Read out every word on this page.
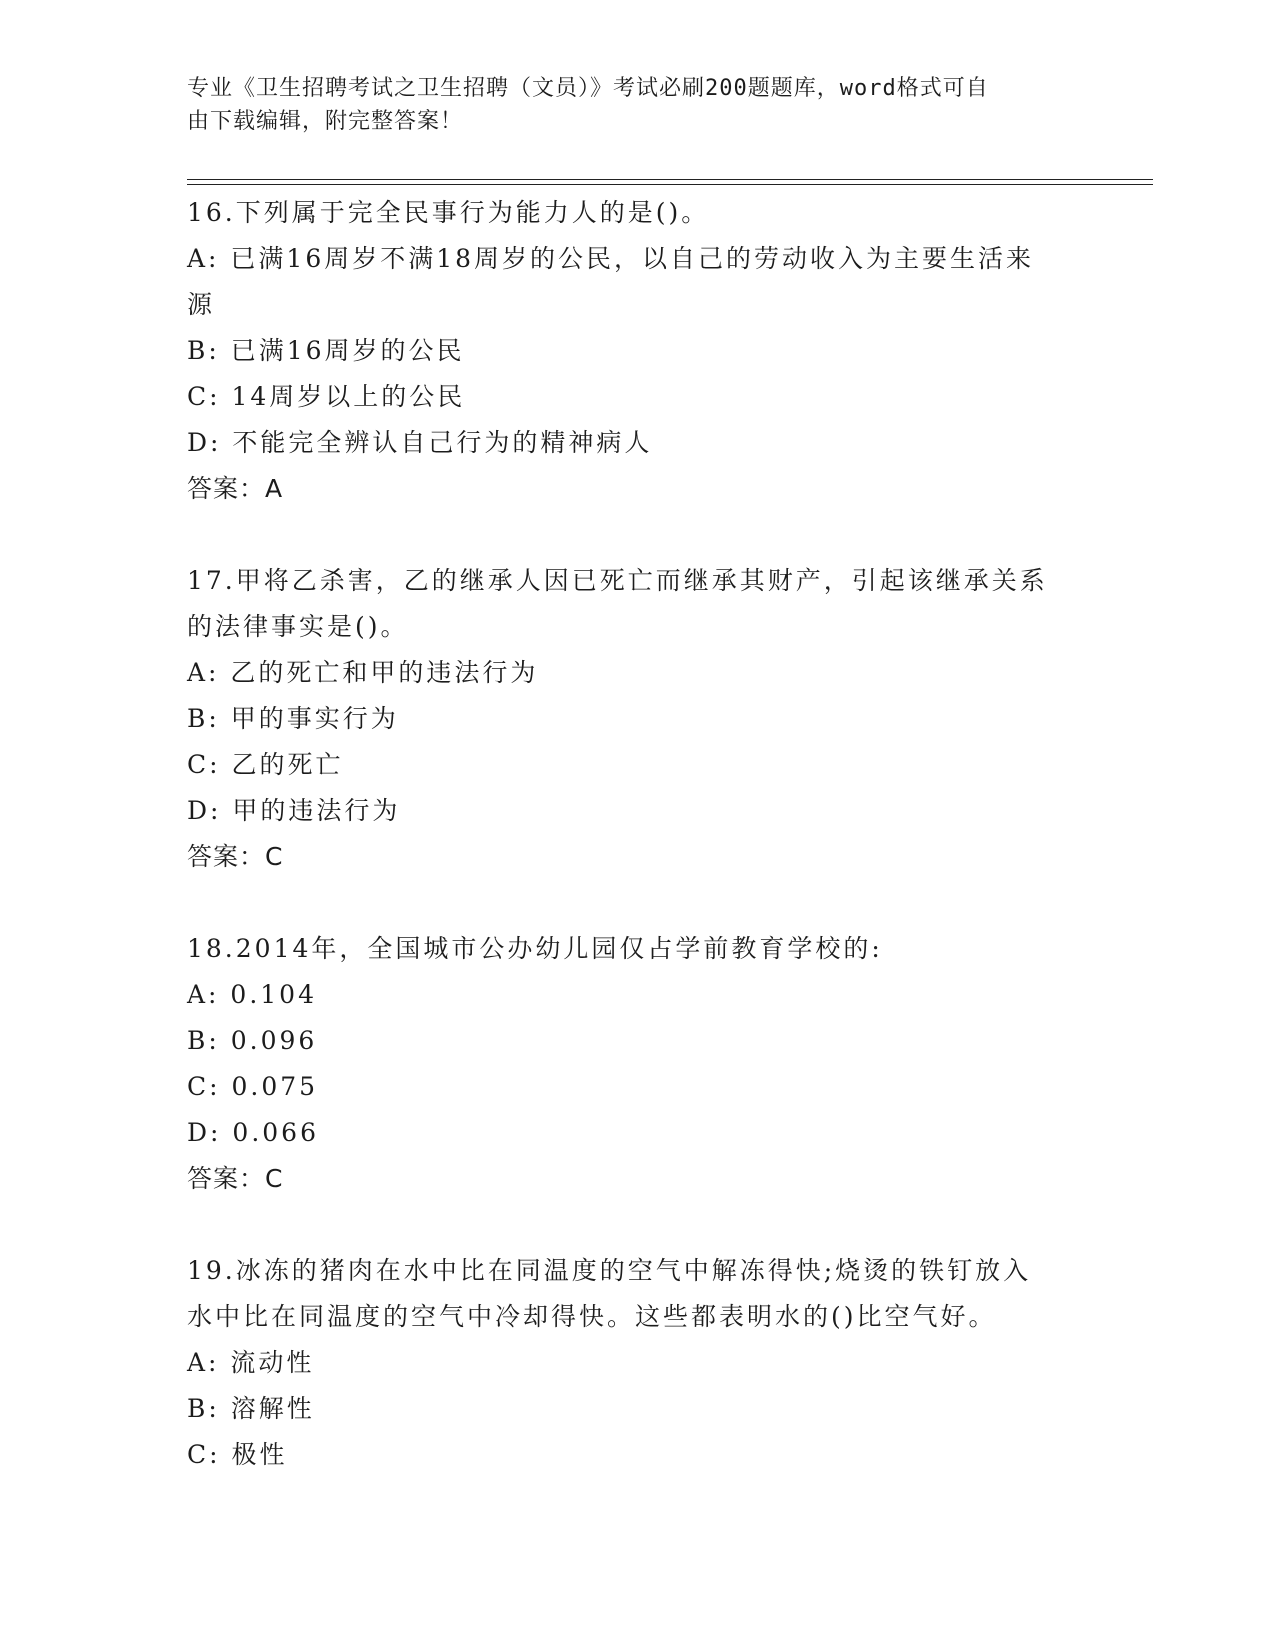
专业《卫生招聘考试之卫生招聘（文员）》考试必刷200题题库，word格式可自
由下载编辑，附完整答案！
16.下列属于完全民事行为能力人的是()。
A: 已满16周岁不满18周岁的公民，以自己的劳动收入为主要生活来
源
B: 已满16周岁的公民
C: 14周岁以上的公民
D: 不能完全辨认自己行为的精神病人
答案：A
17.甲将乙杀害，乙的继承人因已死亡而继承其财产，引起该继承关系
的法律事实是()。
A: 乙的死亡和甲的违法行为
B: 甲的事实行为
C: 乙的死亡
D: 甲的违法行为
答案：C
18.2014年，全国城市公办幼儿园仅占学前教育学校的:
A: 0.104
B: 0.096
C: 0.075
D: 0.066
答案：C
19.冰冻的猪肉在水中比在同温度的空气中解冻得快;烧烫的铁钉放入
水中比在同温度的空气中冷却得快。这些都表明水的()比空气好。
A: 流动性
B: 溶解性
C: 极性
